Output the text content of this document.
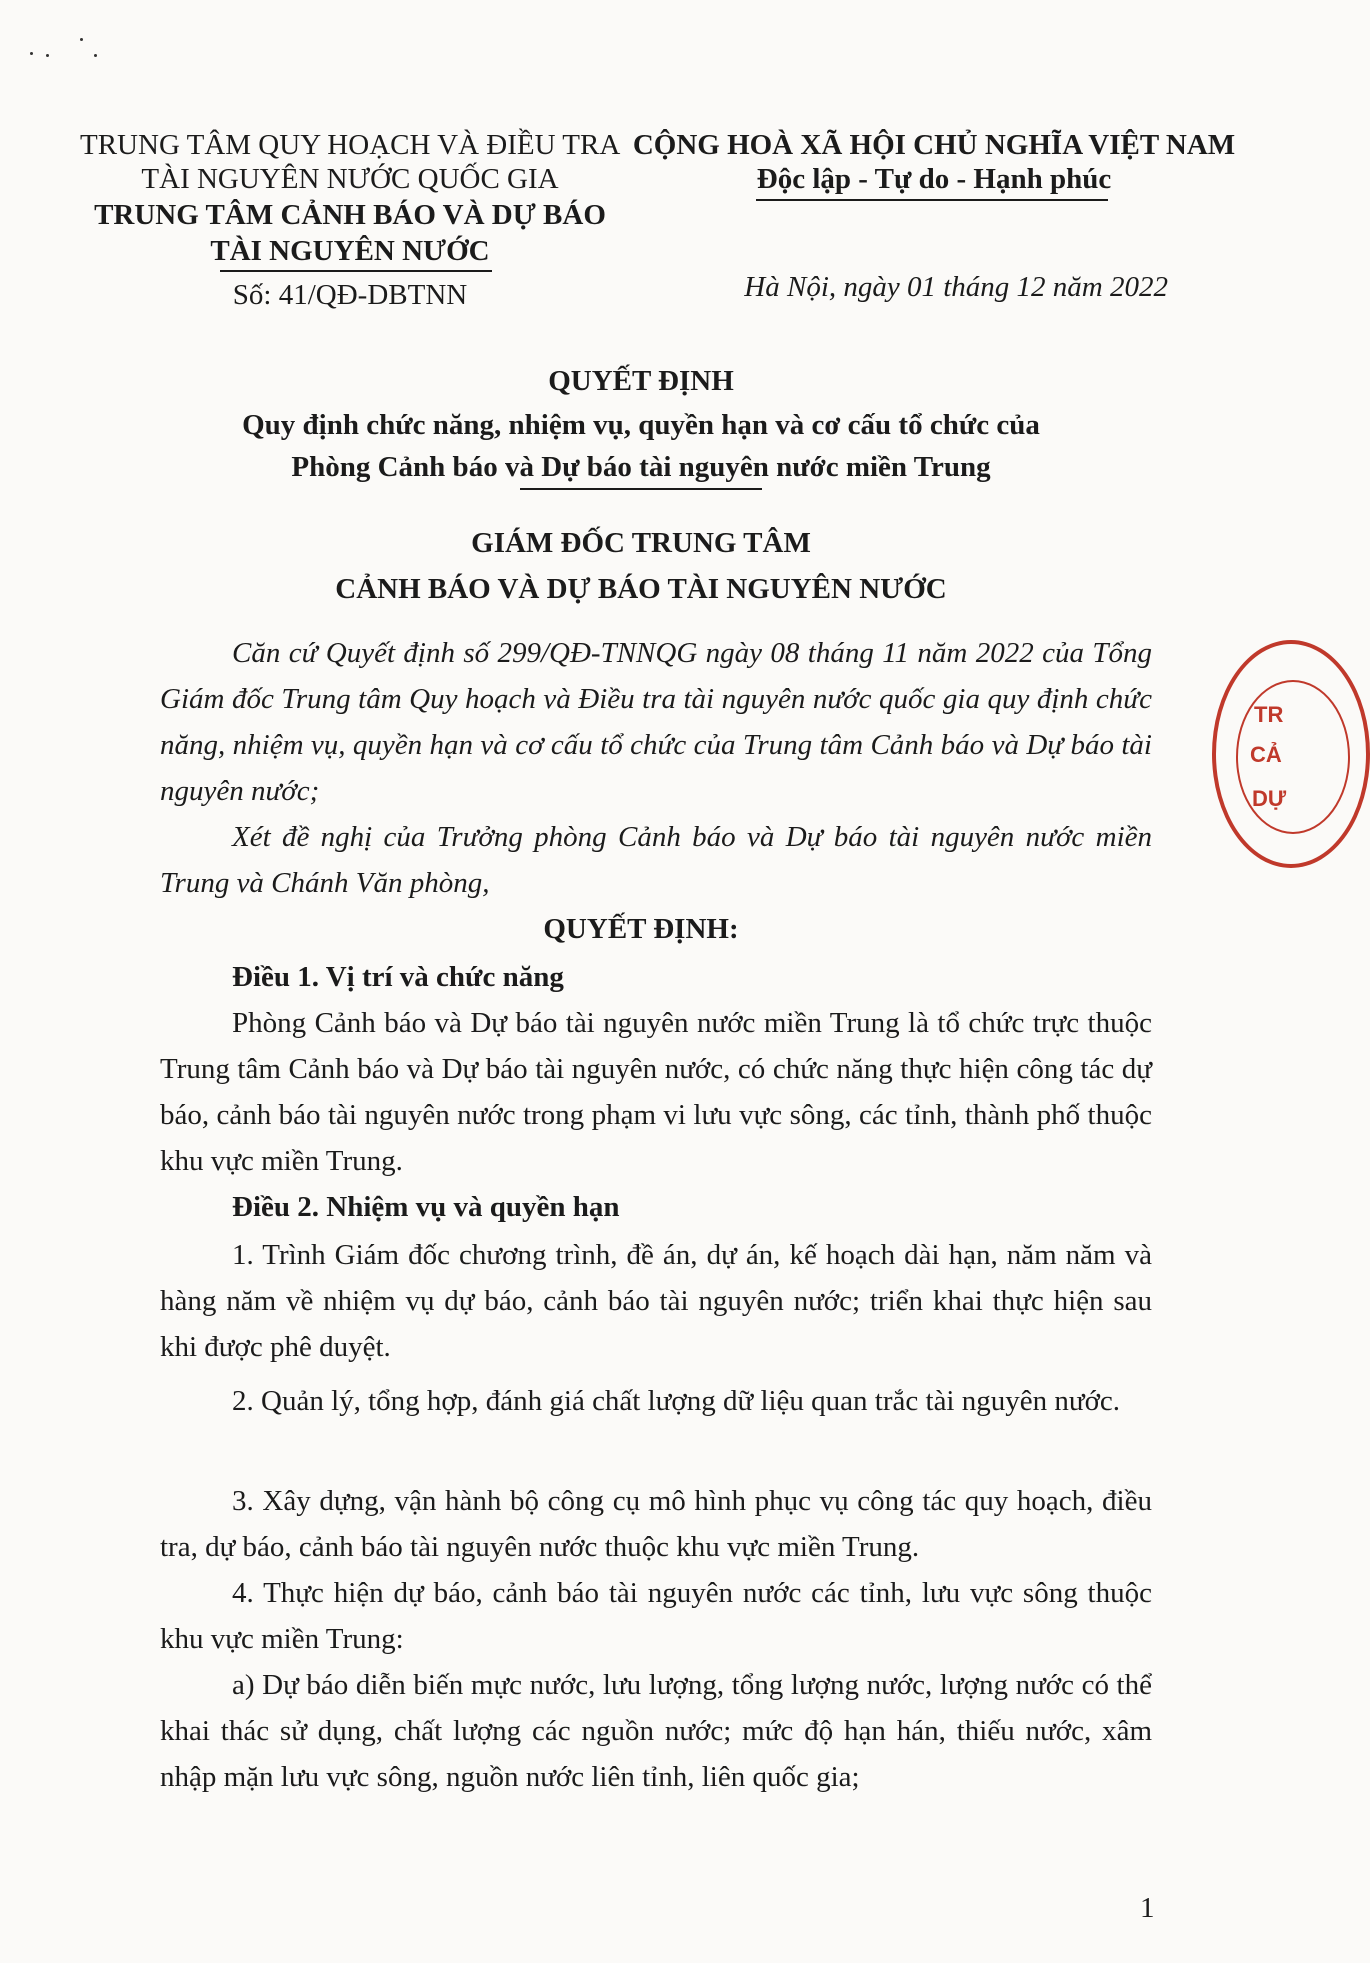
TRUNG TÂM QUY HOẠCH VÀ ĐIỀU TRA
TÀI NGUYÊN NƯỚC QUỐC GIA
TRUNG TÂM CẢNH BÁO VÀ DỰ BÁO
TÀI NGUYÊN NƯỚC
Số: 41/QĐ-DBTNN
CỘNG HOÀ XÃ HỘI CHỦ NGHĨA VIỆT NAM
Độc lập - Tự do - Hạnh phúc
Hà Nội, ngày 01 tháng 12 năm 2022
QUYẾT ĐỊNH
Quy định chức năng, nhiệm vụ, quyền hạn và cơ cấu tổ chức của
Phòng Cảnh báo và Dự báo tài nguyên nước miền Trung
GIÁM ĐỐC TRUNG TÂM
CẢNH BÁO VÀ DỰ BÁO TÀI NGUYÊN NƯỚC
Căn cứ Quyết định số 299/QĐ-TNNQG ngày 08 tháng 11 năm 2022 của Tổng Giám đốc Trung tâm Quy hoạch và Điều tra tài nguyên nước quốc gia quy định chức năng, nhiệm vụ, quyền hạn và cơ cấu tổ chức của Trung tâm Cảnh báo và Dự báo tài nguyên nước;
Xét đề nghị của Trưởng phòng Cảnh báo và Dự báo tài nguyên nước miền Trung và Chánh Văn phòng,
QUYẾT ĐỊNH:
Điều 1. Vị trí và chức năng
Phòng Cảnh báo và Dự báo tài nguyên nước miền Trung là tổ chức trực thuộc Trung tâm Cảnh báo và Dự báo tài nguyên nước, có chức năng thực hiện công tác dự báo, cảnh báo tài nguyên nước trong phạm vi lưu vực sông, các tỉnh, thành phố thuộc khu vực miền Trung.
Điều 2. Nhiệm vụ và quyền hạn
1. Trình Giám đốc chương trình, đề án, dự án, kế hoạch dài hạn, năm năm và hàng năm về nhiệm vụ dự báo, cảnh báo tài nguyên nước; triển khai thực hiện sau khi được phê duyệt.
2. Quản lý, tổng hợp, đánh giá chất lượng dữ liệu quan trắc tài nguyên nước.
3. Xây dựng, vận hành bộ công cụ mô hình phục vụ công tác quy hoạch, điều tra, dự báo, cảnh báo tài nguyên nước thuộc khu vực miền Trung.
4. Thực hiện dự báo, cảnh báo tài nguyên nước các tỉnh, lưu vực sông thuộc khu vực miền Trung:
a) Dự báo diễn biến mực nước, lưu lượng, tổng lượng nước, lượng nước có thể khai thác sử dụng, chất lượng các nguồn nước; mức độ hạn hán, thiếu nước, xâm nhập mặn lưu vực sông, nguồn nước liên tỉnh, liên quốc gia;
1
TR
CẢ
DỰ
